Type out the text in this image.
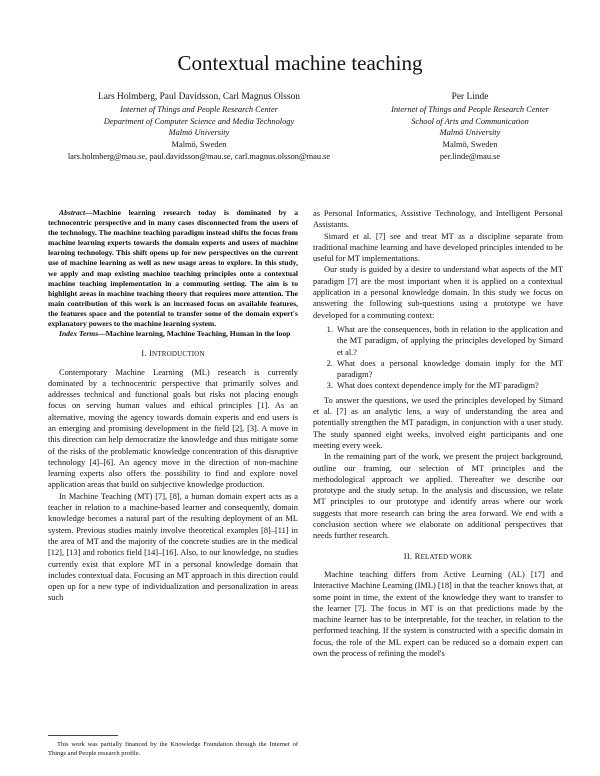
Contextual machine teaching
Lars Holmberg, Paul Davidsson, Carl Magnus Olsson
Internet of Things and People Research Center
Department of Computer Science and Media Technology
Malmö University
Malmö, Sweden
lars.holmberg@mau.se, paul.davidsson@mau.se, carl.magnus.olsson@mau.se
Per Linde
Internet of Things and People Research Center
School of Arts and Communication
Malmö University
Malmö, Sweden
per.linde@mau.se

Abstract—Machine learning research today is dominated by a technocentric perspective and in many cases disconnected from the users of the technology. The machine teaching paradigm instead shifts the focus from machine learning experts towards the domain experts and users of machine learning technology. This shift opens up for new perspectives on the current use of machine learning as well as new usage areas to explore. In this study, we apply and map existing machine teaching principles onto a contextual machine teaching implementation in a commuting setting. The aim is to highlight areas in machine teaching theory that requires more attention. The main contribution of this work is an increased focus on available features, the features space and the potential to transfer some of the domain expert's explanatory powers to the machine learning system.

Index Terms—Machine learning, Machine Teaching, Human in the loop

I. INTRODUCTION

Contemporary Machine Learning (ML) research is currently dominated by a technocentric perspective that primarily solves and addresses technical and functional goals but risks not placing enough focus on serving human values and ethical principles [1]. As an alternative, moving the agency towards domain experts and end users is an emerging and promising development in the field [2], [3]. A move in this direction can help democratize the knowledge and thus mitigate some of the risks of the problematic knowledge concentration of this disruptive technology [4]–[6]. An agency move in the direction of non-machine learning experts also offers the possibility to find and explore novel application areas that build on subjective knowledge production.

In Machine Teaching (MT) [7], [8], a human domain expert acts as a teacher in relation to a machine-based learner and consequently, domain knowledge becomes a natural part of the resulting deployment of an ML system. Previous studies mainly involve theoretical examples [8]–[11] in the area of MT and the majority of the concrete studies are in the medical [12], [13] and robotics field [14]–[16]. Also, to our knowledge, no studies currently exist that explore MT in a personal knowledge domain that includes contextual data. Focusing an MT approach in this direction could open up for a new type of individualization and personalization in areas such

This work was partially financed by the Knowledge Foundation through the Internet of Things and People research profile.

as Personal Informatics, Assistive Technology, and Intelligent Personal Assistants.

Simard et al. [7] see and treat MT as a discipline separate from traditional machine learning and have developed principles intended to be useful for MT implementations.

Our study is guided by a desire to understand what aspects of the MT paradigm [7] are the most important when it is applied on a contextual application in a personal knowledge domain. In this study we focus on answering the following sub-questions using a prototype we have developed for a commuting context:

1. What are the consequences, both in relation to the application and the MT paradigm, of applying the principles developed by Simard et al.?
2. What does a personal knowledge domain imply for the MT paradigm?
3. What does context dependence imply for the MT paradigm?

To answer the questions, we used the principles developed by Simard et al. [7] as an analytic lens, a way of understanding the area and potentially strengthen the MT paradigm, in conjunction with a user study. The study spanned eight weeks, involved eight participants and one meeting every week.

In the remaining part of the work, we present the project background, outline our framing, our selection of MT principles and the methodological approach we applied. Thereafter we describe our prototype and the study setup. In the analysis and discussion, we relate MT principles to our prototype and identify areas where our work suggests that more research can bring the area forward. We end with a conclusion section where we elaborate on additional perspectives that needs further research.

II. RELATED WORK

Machine teaching differs from Active Learning (AL) [17] and Interactive Machine Learning (IML) [18] in that the teacher knows that, at some point in time, the extent of the knowledge they want to transfer to the learner [7]. The focus in MT is on that predictions made by the machine learner has to be interpretable, for the teacher, in relation to the performed teaching. If the system is constructed with a specific domain in focus, the role of the ML expert can be reduced so a domain expert can own the process of refining the model's
